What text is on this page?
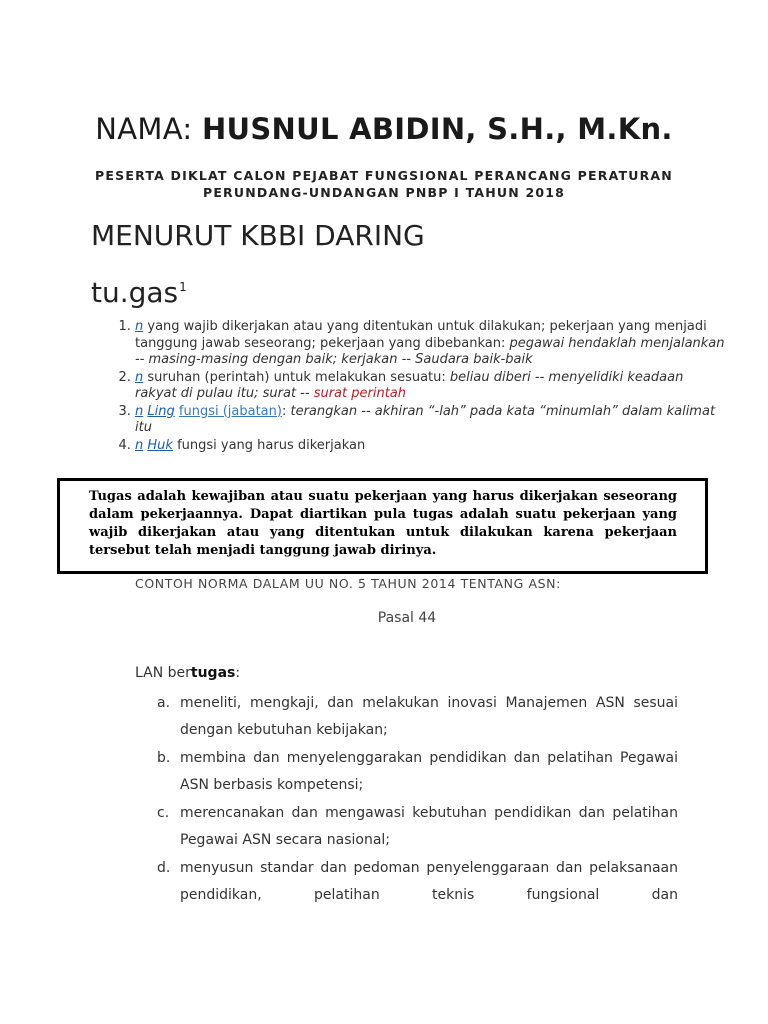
NAMA: HUSNUL ABIDIN, S.H., M.Kn.
PESERTA DIKLAT CALON PEJABAT FUNGSIONAL PERANCANG PERATURAN
PERUNDANG-UNDANGAN PNBP I TAHUN 2018
MENURUT KBBI DARING
tu.gas$^1$
1. n yang wajib dikerjakan atau yang ditentukan untuk dilakukan; pekerjaan yang menjadi tanggung jawab seseorang; pekerjaan yang dibebankan: pegawai hendaklah menjalankan -- masing-masing dengan baik; kerjakan -- Saudara baik-baik
2. n suruhan (perintah) untuk melakukan sesuatu: beliau diberi -- menyelidiki keadaan rakyat di pulau itu; surat -- surat perintah
3. n Ling fungsi (jabatan): terangkan -- akhiran “-lah” pada kata “minumlah” dalam kalimat itu
4. n Huk fungsi yang harus dikerjakan
Tugas adalah kewajiban atau suatu pekerjaan yang harus dikerjakan seseorang dalam pekerjaannya. Dapat diartikan pula tugas adalah suatu pekerjaan yang wajib dikerjakan atau yang ditentukan untuk dilakukan karena pekerjaan tersebut telah menjadi tanggung jawab dirinya.
CONTOH NORMA DALAM UU NO. 5 TAHUN 2014 TENTANG ASN:
Pasal 44
LAN bertugas:
a. meneliti, mengkaji, dan melakukan inovasi Manajemen ASN sesuai dengan kebutuhan kebijakan;
b. membina dan menyelenggarakan pendidikan dan pelatihan Pegawai ASN berbasis kompetensi;
c. merencanakan dan mengawasi kebutuhan pendidikan dan pelatihan Pegawai ASN secara nasional;
d. menyusun standar dan pedoman penyelenggaraan dan pelaksanaan pendidikan, pelatihan teknis fungsional dan
